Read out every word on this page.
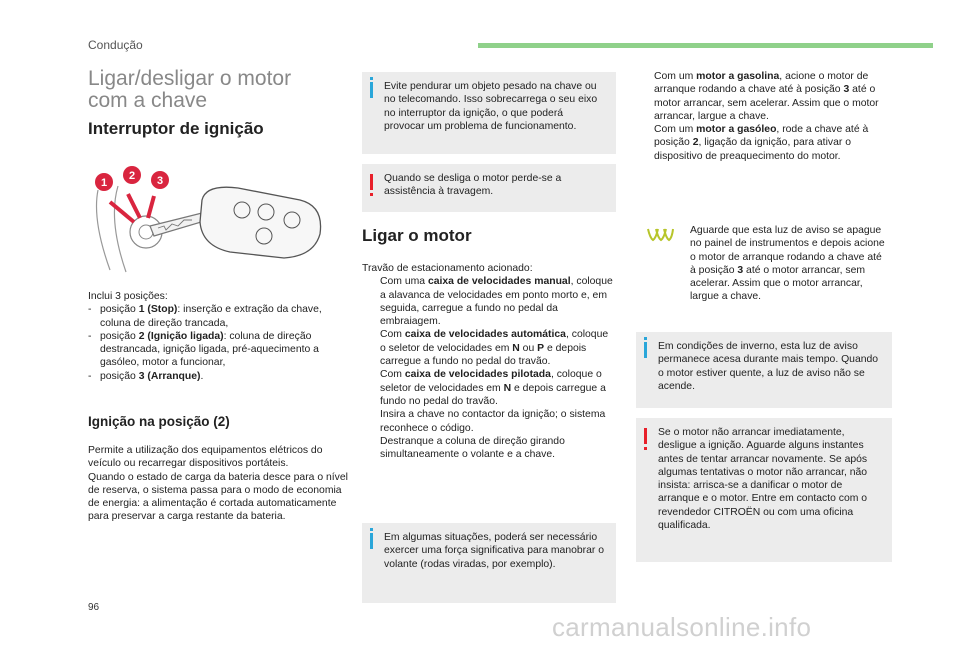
Condução
Ligar/desligar o motor
com a chave
Interruptor de ignição
1
2 3
Inclui 3 posições:
- posição 1 (Stop): inserção e extração da chave, coluna de direção trancada,
- posição 2 (Ignição ligada): coluna de direção destrancada, ignição ligada, pré-aquecimento a gasóleo, motor a funcionar,
- posição 3 (Arranque).
Ignição na posição (2)
Permite a utilização dos equipamentos elétricos do veículo ou recarregar dispositivos portáteis.
Quando o estado de carga da bateria desce para o nível de reserva, o sistema passa para o modo de economia de energia: a alimentação é cortada automaticamente para preservar a carga restante da bateria.
Evite pendurar um objeto pesado na chave ou no telecomando. Isso sobrecarrega o seu eixo no interruptor da ignição, o que poderá provocar um problema de funcionamento.
Quando se desliga o motor perde-se a assistência à travagem.
Ligar o motor
Travão de estacionamento acionado:
Com uma caixa de velocidades manual, coloque a alavanca de velocidades em ponto morto e, em seguida, carregue a fundo no pedal da embraiagem.
Com caixa de velocidades automática, coloque o seletor de velocidades em N ou P e depois carregue a fundo no pedal do travão.
Com caixa de velocidades pilotada, coloque o seletor de velocidades em N e depois carregue a fundo no pedal do travão.
Insira a chave no contactor da ignição; o sistema reconhece o código.
Destranque a coluna de direção girando simultaneamente o volante e a chave.
Em algumas situações, poderá ser necessário exercer uma força significativa para manobrar o volante (rodas viradas, por exemplo).
Com um motor a gasolina, acione o motor de arranque rodando a chave até à posição 3 até o motor arrancar, sem acelerar. Assim que o motor arrancar, largue a chave.
Com um motor a gasóleo, rode a chave até à posição 2, ligação da ignição, para ativar o dispositivo de preaquecimento do motor.
Aguarde que esta luz de aviso se apague no painel de instrumentos e depois acione o motor de arranque rodando a chave até à posição 3 até o motor arrancar, sem acelerar. Assim que o motor arrancar, largue a chave.
Em condições de inverno, esta luz de aviso permanece acesa durante mais tempo. Quando o motor estiver quente, a luz de aviso não se acende.
Se o motor não arrancar imediatamente, desligue a ignição. Aguarde alguns instantes antes de tentar arrancar novamente. Se após algumas tentativas o motor não arrancar, não insista: arrisca-se a danificar o motor de arranque e o motor. Entre em contacto com o revendedor CITROËN ou com uma oficina qualificada.
96
carmanualsonline.info
